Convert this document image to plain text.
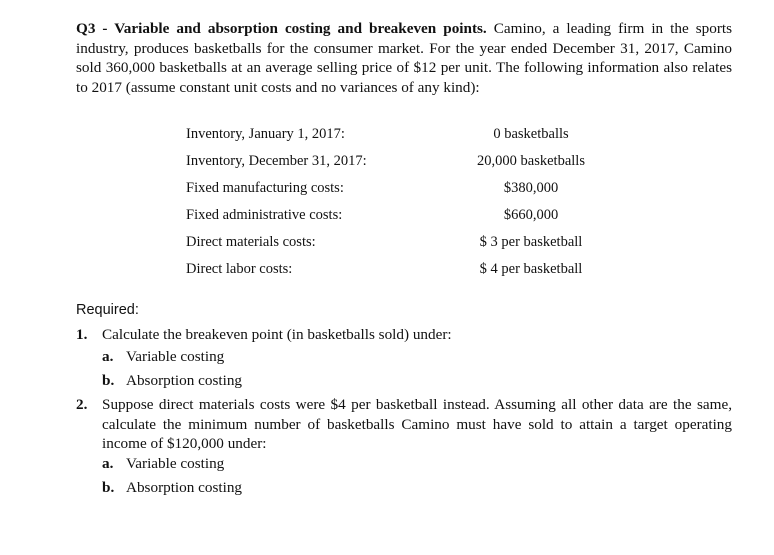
Q3 - Variable and absorption costing and breakeven points. Camino, a leading firm in the sports industry, produces basketballs for the consumer market. For the year ended December 31, 2017, Camino sold 360,000 basketballs at an average selling price of $12 per unit. The following information also relates to 2017 (assume constant unit costs and no variances of any kind):
Inventory, January 1, 2017:	0 basketballs
Inventory, December 31, 2017:	20,000 basketballs
Fixed manufacturing costs:	$380,000
Fixed administrative costs:	$660,000
Direct materials costs:	$ 3 per basketball
Direct labor costs:	$ 4 per basketball
Required:
1. Calculate the breakeven point (in basketballs sold) under:
a. Variable costing
b. Absorption costing
2. Suppose direct materials costs were $4 per basketball instead. Assuming all other data are the same, calculate the minimum number of basketballs Camino must have sold to attain a target operating income of $120,000 under:
a. Variable costing
b. Absorption costing
